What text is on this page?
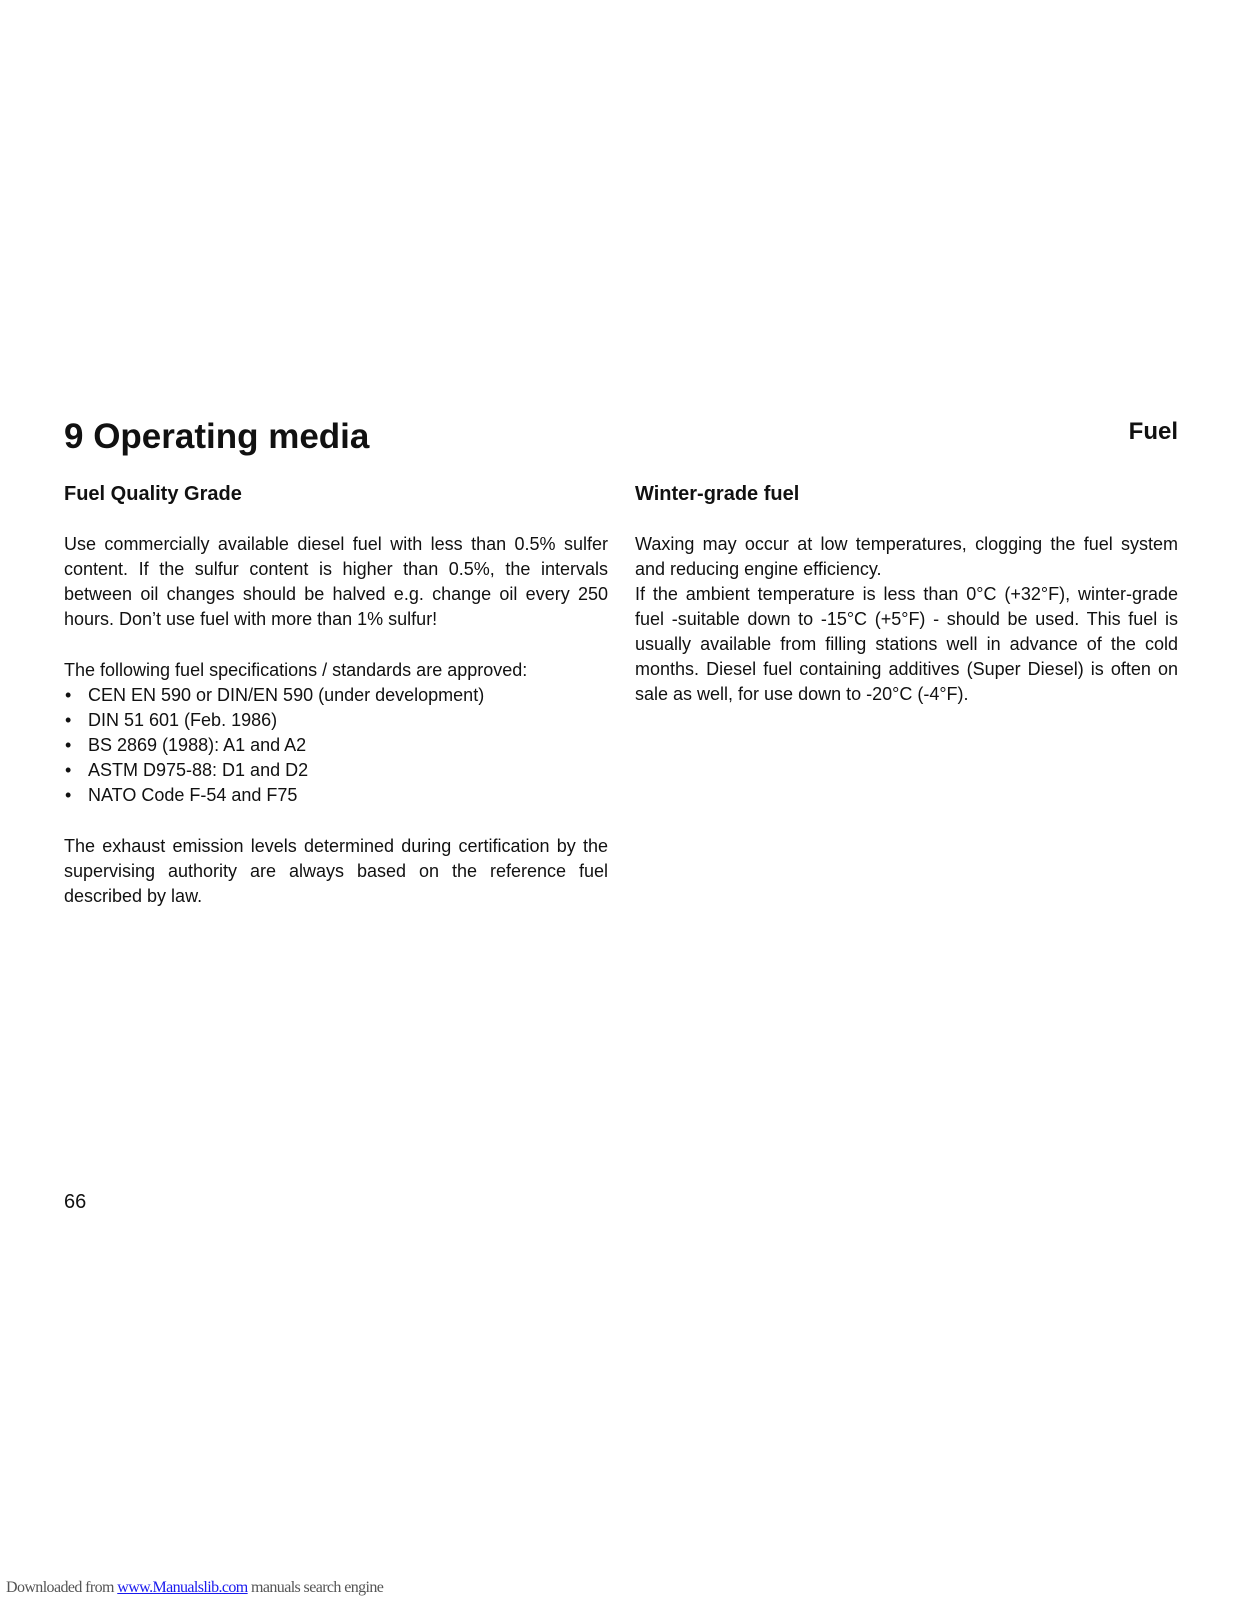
9 Operating media	Fuel
Fuel Quality Grade

Use commercially available diesel fuel with less than 0.5% sulfer content. If the sulfur content is higher than 0.5%, the intervals between oil changes should be halved e.g. change oil every 250 hours. Don’t use fuel with more than 1% sulfur!

The following fuel specifications / standards are approved:

• CEN EN 590 or DIN/EN 590 (under development)
• DIN 51 601 (Feb. 1986)
• BS 2869 (1988): A1 and A2
• ASTM D975-88: D1 and D2
• NATO Code F-54 and F75

The exhaust emission levels determined during certification by the supervising authority are always based on the reference fuel described by law.

Winter-grade fuel

Waxing may occur at low temperatures, clogging the fuel system and reducing engine efficiency.

If the ambient temperature is less than 0°C (+32°F), winter-grade fuel -suitable down to -15°C (+5°F) - should be used. This fuel is usually available from filling stations well in advance of the cold months. Diesel fuel containing additives (Super Diesel) is often on sale as well, for use down to -20°C (-4°F).

66
Downloaded from www.Manualslib.com manuals search engine
